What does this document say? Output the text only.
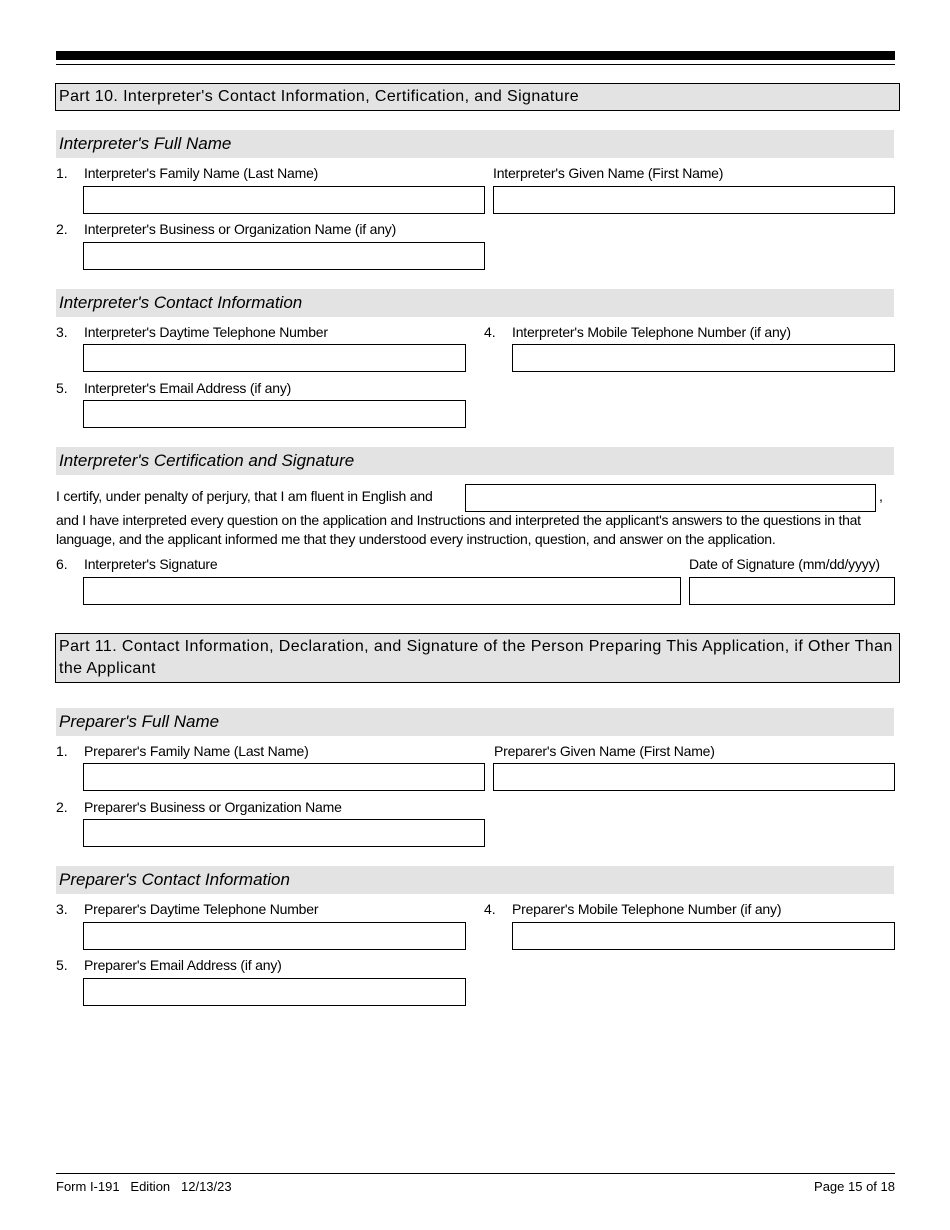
Part 10. Interpreter's Contact Information, Certification, and Signature
Interpreter's Full Name
1. Interpreter's Family Name (Last Name)	Interpreter's Given Name (First Name)
2. Interpreter's Business or Organization Name (if any)
Interpreter's Contact Information
3. Interpreter's Daytime Telephone Number	4. Interpreter's Mobile Telephone Number (if any)
5. Interpreter's Email Address (if any)
Interpreter's Certification and Signature
I certify, under penalty of perjury, that I am fluent in English and	,
and I have interpreted every question on the application and Instructions and interpreted the applicant's answers to the questions in that language, and the applicant informed me that they understood every instruction, question, and answer on the application.
6. Interpreter's Signature	Date of Signature (mm/dd/yyyy)
Part 11. Contact Information, Declaration, and Signature of the Person Preparing This Application, if Other Than the Applicant
Preparer's Full Name
1. Preparer's Family Name (Last Name)	Preparer's Given Name (First Name)
2. Preparer's Business or Organization Name
Preparer's Contact Information
3. Preparer's Daytime Telephone Number	4. Preparer's Mobile Telephone Number (if any)
5. Preparer's Email Address (if any)
Form I-191   Edition   12/13/23	Page 15 of 18
